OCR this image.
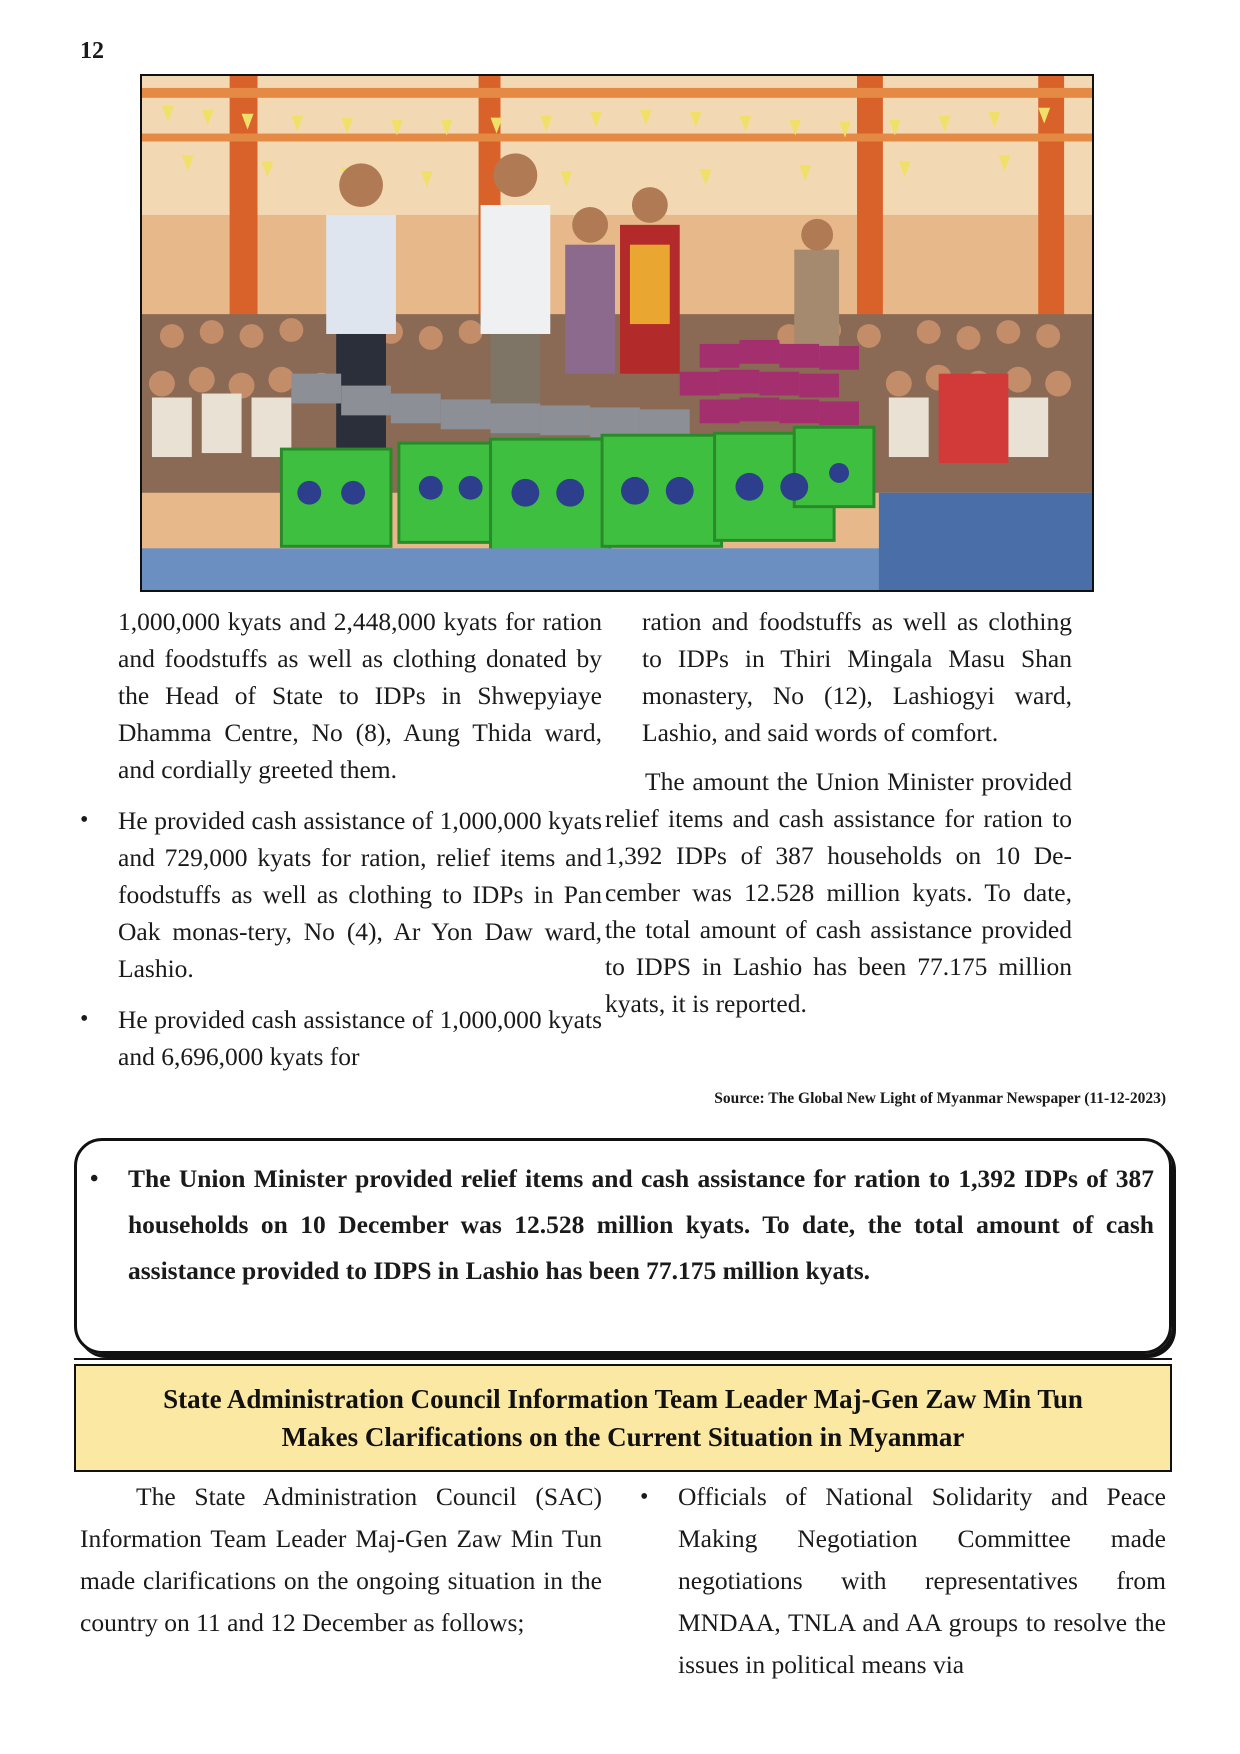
12

1,000,000 kyats and 2,448,000 kyats for ration and foodstuffs as well as clothing donated by the Head of State to IDPs in Shwepyiaye Dhamma Centre, No (8), Aung Thida ward, and cordially greeted them.

• He provided cash assistance of 1,000,000 kyats and 729,000 kyats for ration, relief items and foodstuffs as well as clothing to IDPs in Pan Oak monas-tery, No (4), Ar Yon Daw ward, Lashio.

• He provided cash assistance of 1,000,000 kyats and 6,696,000 kyats for

ration and foodstuffs as well as clothing to IDPs in Thiri Mingala Masu Shan monastery, No (12), Lashiogyi ward, Lashio, and said words of comfort.

The amount the Union Minister provided relief items and cash assistance for ration to 1,392 IDPs of 387 households on 10 De-cember was 12.528 million kyats. To date, the total amount of cash assistance provided to IDPS in Lashio has been 77.175 million kyats, it is reported.

Source: The Global New Light of Myanmar Newspaper (11-12-2023)
• The Union Minister provided relief items and cash assistance for ration to 1,392 IDPs of 387 households on 10 December was 12.528 million kyats. To date, the total amount of cash assistance provided to IDPS in Lashio has been 77.175 million kyats.
State Administration Council Information Team Leader Maj-Gen Zaw Min Tun
Makes Clarifications on the Current Situation in Myanmar

The State Administration Council (SAC) Information Team Leader Maj-Gen Zaw Min Tun made clarifications on the ongoing situation in the country on 11 and 12 December as follows;

• Officials of National Solidarity and Peace Making Negotiation Committee made negotiations with representatives from MNDAA, TNLA and AA groups to resolve the issues in political means via
